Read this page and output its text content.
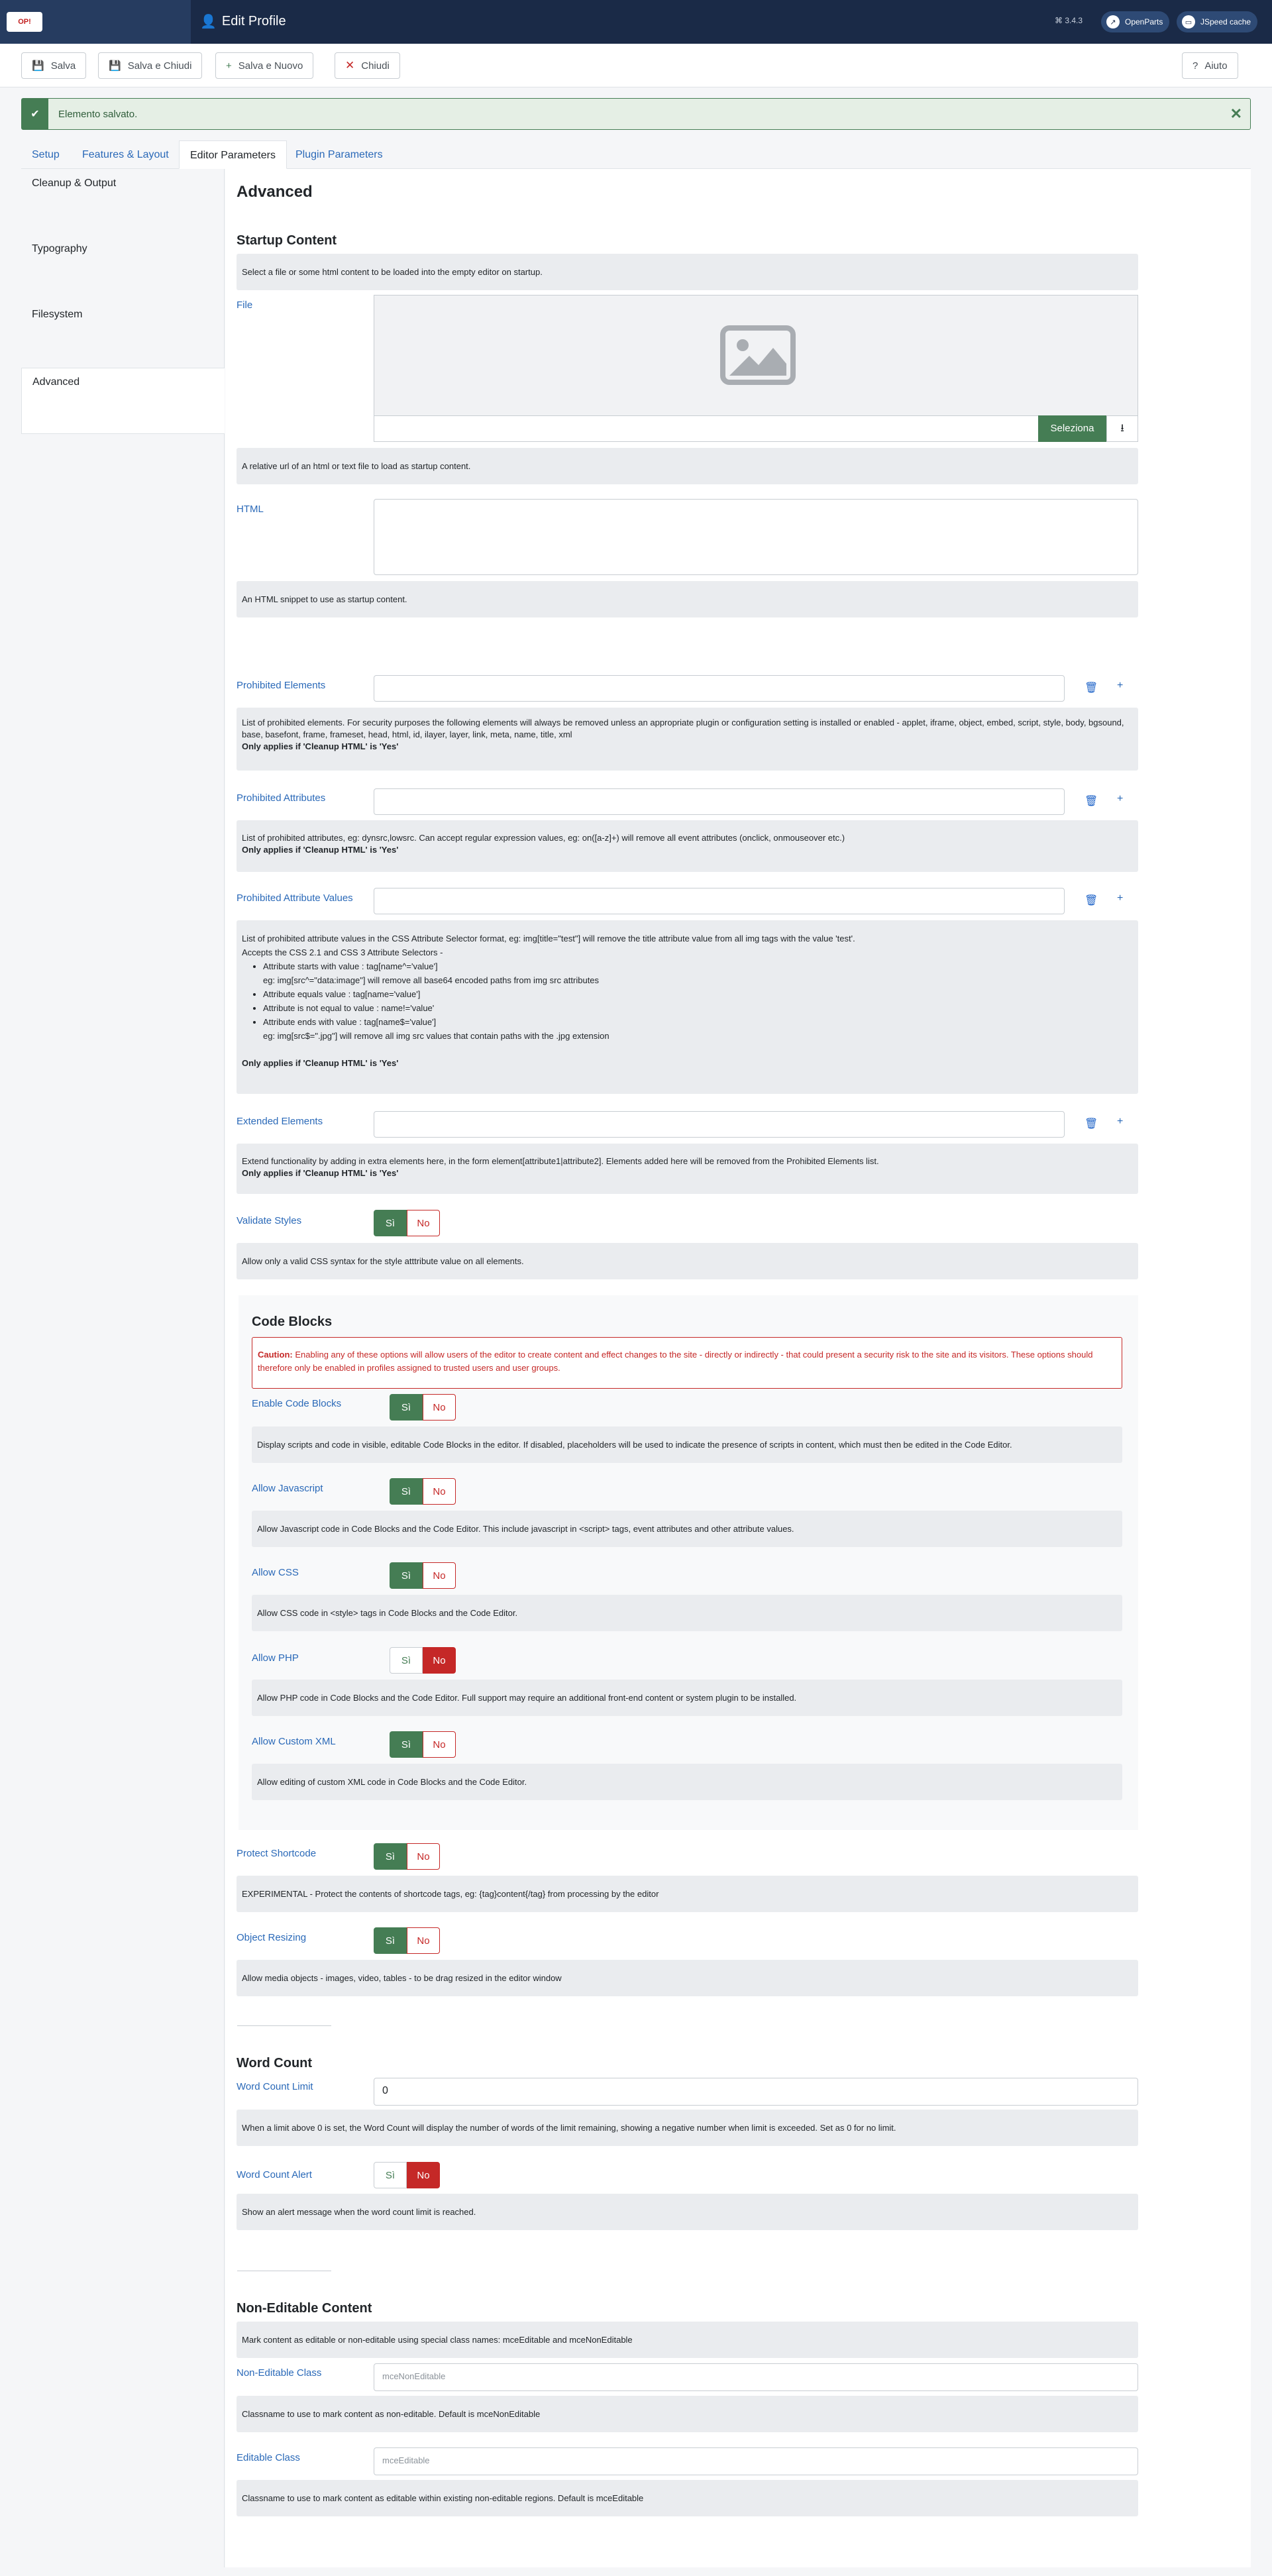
OP!	👤 Edit Profile	⌘ 3.4.3	↗	OpenParts	▭	JSpeed cache
💾 Salva	💾 Salva e Chiudi	+ Salva e Nuovo	✕ Chiudi	? Aiuto
✔	Elemento salvato.	✕
Setup	Features & Layout	Editor Parameters	Plugin Parameters
Cleanup & Output
Typography
Filesystem
Advanced
Advanced
Startup Content
Select a file or some html content to be loaded into the empty editor on startup.
File
Seleziona	⭳
A relative url of an html or text file to load as startup content.
HTML
An HTML snippet to use as startup content.
Prohibited Elements	🗑 +
List of prohibited elements. For security purposes the following elements will always be removed unless an appropriate plugin or configuration setting is installed or enabled - applet, iframe, object, embed, script, style, body, bgsound, base, basefont, frame, frameset, head, html, id, ilayer, layer, link, meta, name, title, xml
Only applies if 'Cleanup HTML' is 'Yes'
Prohibited Attributes	🗑 +
List of prohibited attributes, eg: dynsrc,lowsrc. Can accept regular expression values, eg: on([a-z]+) will remove all event attributes (onclick, onmouseover etc.)
Only applies if 'Cleanup HTML' is 'Yes'
Prohibited Attribute Values	🗑 +
List of prohibited attribute values in the CSS Attribute Selector format, eg: img[title="test"] will remove the title attribute value from all img tags with the value 'test'.
Accepts the CSS 2.1 and CSS 3 Attribute Selectors -
• Attribute starts with value : tag[name^='value']
eg: img[src^="data:image"] will remove all base64 encoded paths from img src attributes
• Attribute equals value : tag[name='value']
• Attribute is not equal to value : name!='value'
• Attribute ends with value : tag[name$='value']
eg: img[src$=".jpg"] will remove all img src values that contain paths with the .jpg extension
Only applies if 'Cleanup HTML' is 'Yes'
Extended Elements	🗑 +
Extend functionality by adding in extra elements here, in the form element[attribute1|attribute2]. Elements added here will be removed from the Prohibited Elements list.
Only applies if 'Cleanup HTML' is 'Yes'
Validate Styles	Sì	No
Allow only a valid CSS syntax for the style atttribute value on all elements.
Code Blocks
Caution: Enabling any of these options will allow users of the editor to create content and effect changes to the site - directly or indirectly - that could present a security risk to the site and its visitors. These options should therefore only be enabled in profiles assigned to trusted users and user groups.
Enable Code Blocks	Sì	No
Display scripts and code in visible, editable Code Blocks in the editor. If disabled, placeholders will be used to indicate the presence of scripts in content, which must then be edited in the Code Editor.
Allow Javascript	Sì	No
Allow Javascript code in Code Blocks and the Code Editor. This include javascript in <script> tags, event attributes and other attribute values.
Allow CSS	Sì	No
Allow CSS code in <style> tags in Code Blocks and the Code Editor.
Allow PHP	Sì	No
Allow PHP code in Code Blocks and the Code Editor. Full support may require an additional front-end content or system plugin to be installed.
Allow Custom XML	Sì	No
Allow editing of custom XML code in Code Blocks and the Code Editor.
Protect Shortcode	Sì	No
EXPERIMENTAL - Protect the contents of shortcode tags, eg: {tag}content{/tag} from processing by the editor
Object Resizing	Sì	No
Allow media objects - images, video, tables - to be drag resized in the editor window
Word Count
Word Count Limit	0
When a limit above 0 is set, the Word Count will display the number of words of the limit remaining, showing a negative number when limit is exceeded. Set as 0 for no limit.
Word Count Alert	Sì	No
Show an alert message when the word count limit is reached.
Non-Editable Content
Mark content as editable or non-editable using special class names: mceEditable and mceNonEditable
Non-Editable Class	mceNonEditable
Classname to use to mark content as non-editable. Default is mceNonEditable
Editable Class	mceEditable
Classname to use to mark content as editable within existing non-editable regions. Default is mceEditable
